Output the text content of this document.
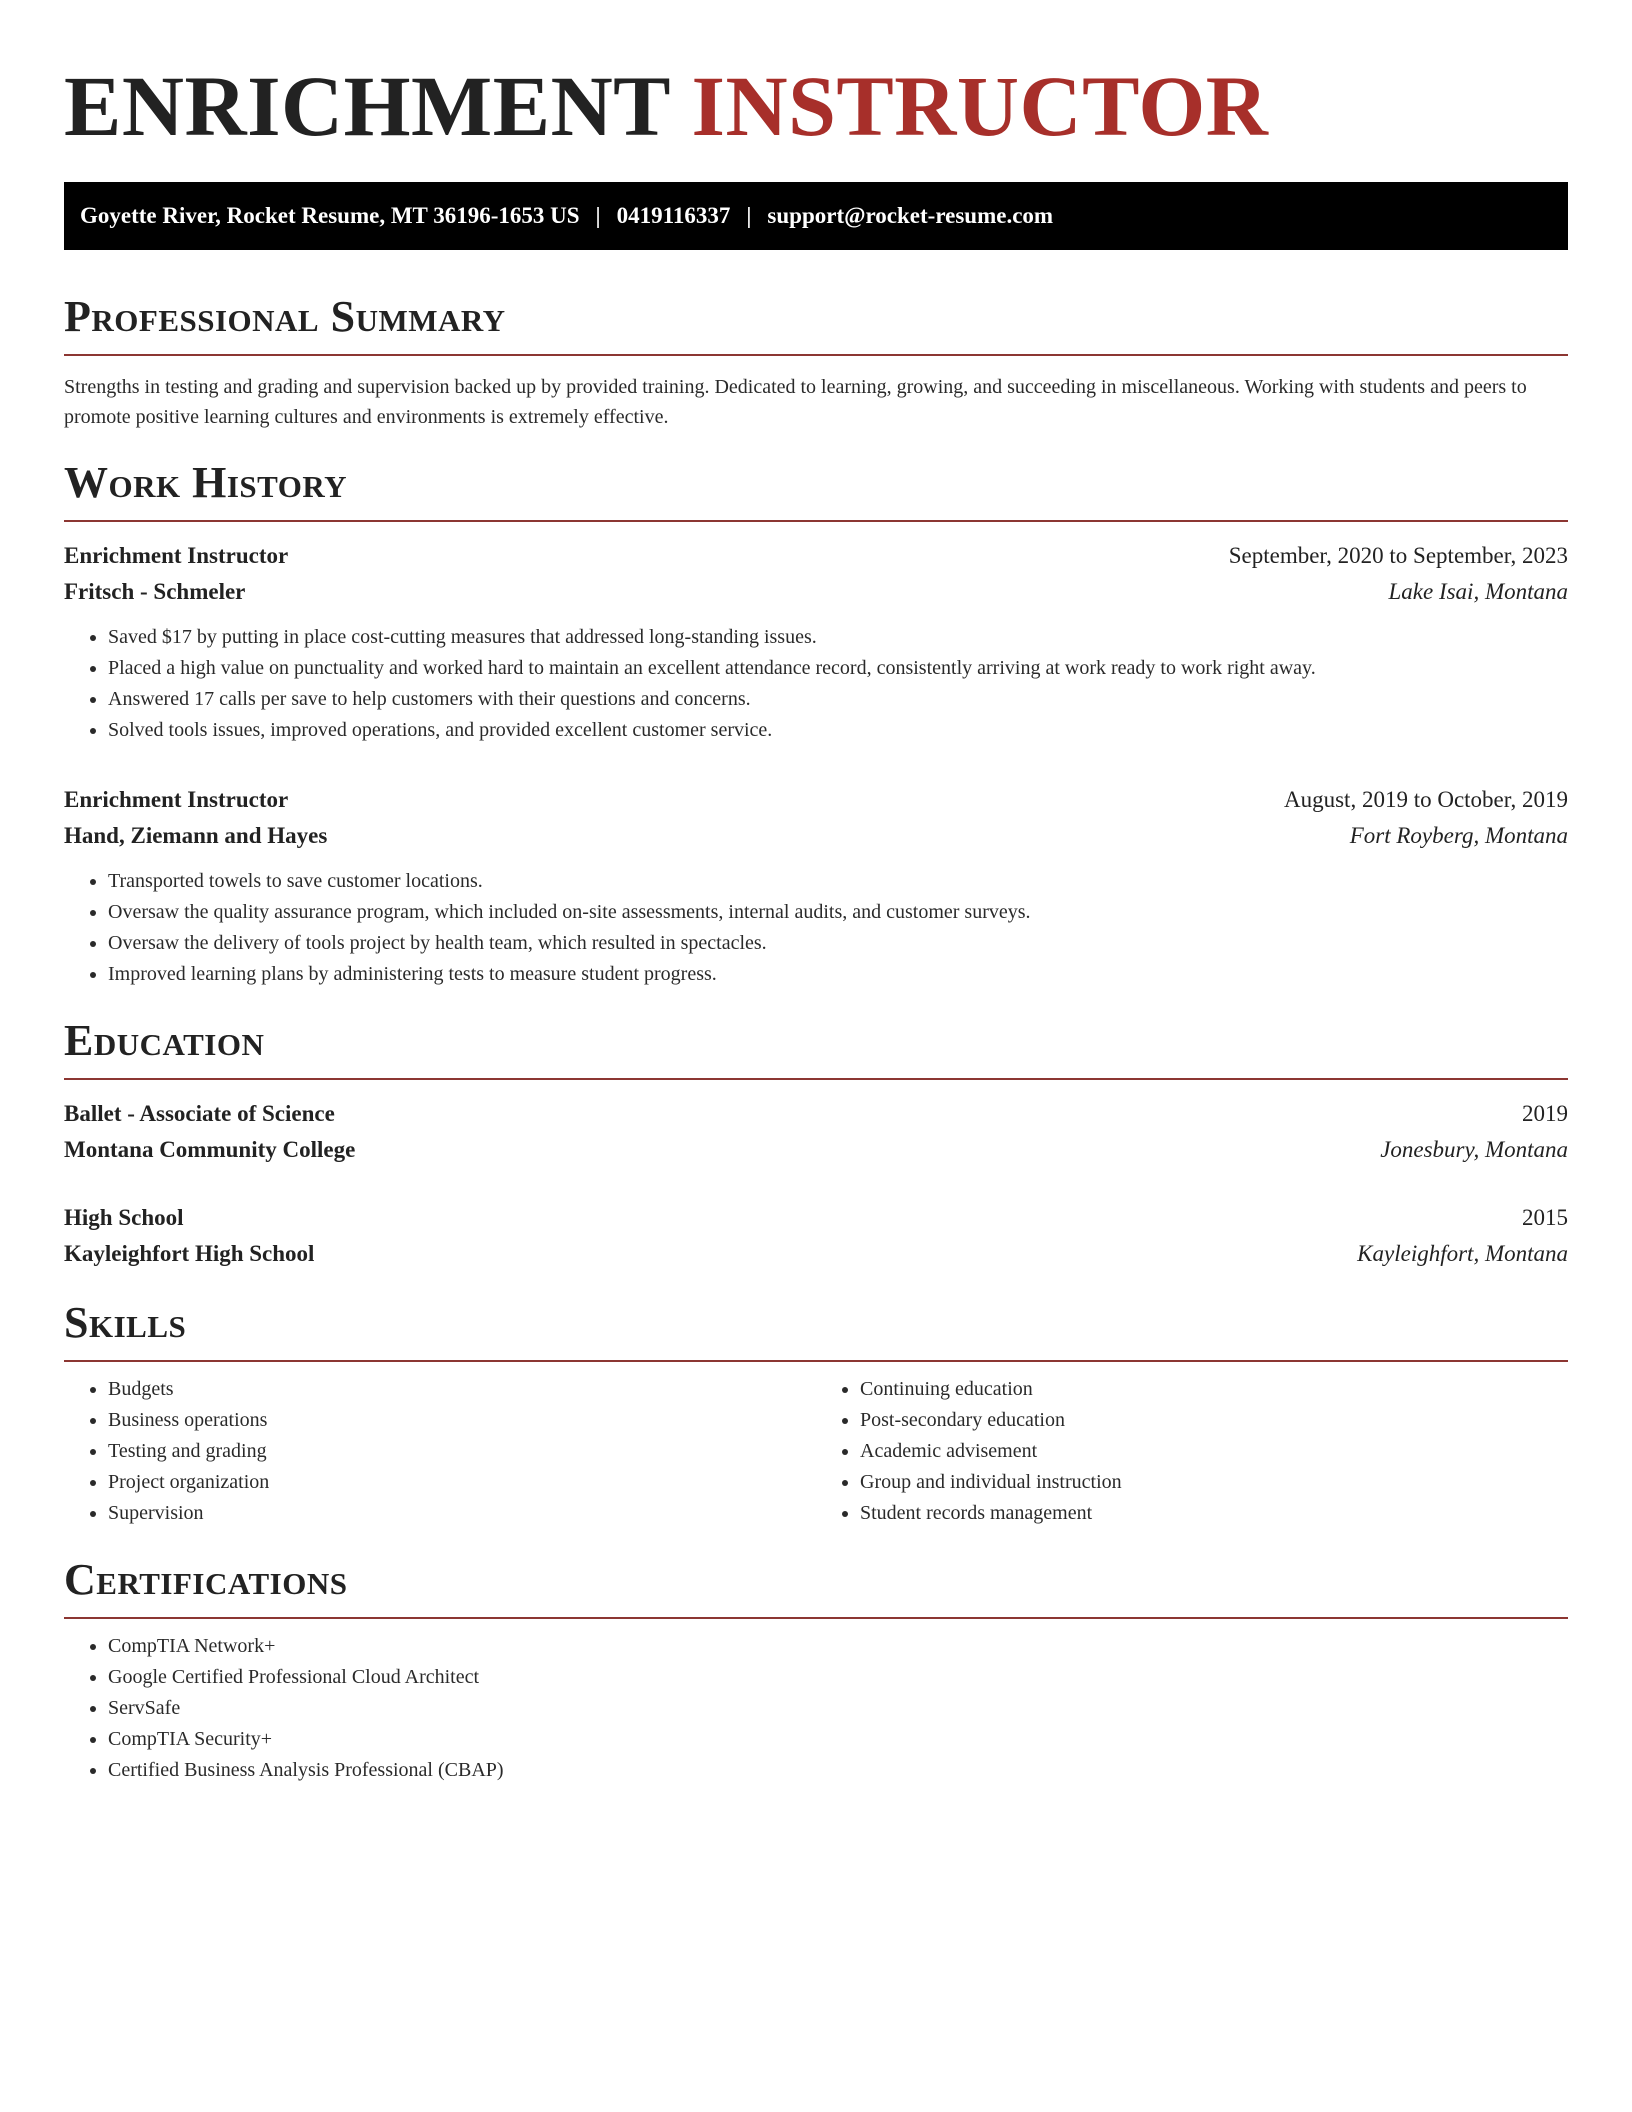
ENRICHMENT INSTRUCTOR
Goyette River, Rocket Resume, MT 36196-1653 US | 0419116337 | support@rocket-resume.com
Professional Summary

Strengths in testing and grading and supervision backed up by provided training. Dedicated to learning, growing, and succeeding in miscellaneous. Working with students and peers to promote positive learning cultures and environments is extremely effective.

Work History
Enrichment Instructor	September, 2020 to September, 2023
Fritsch - Schmeler	Lake Isai, Montana
• Saved $17 by putting in place cost-cutting measures that addressed long-standing issues.
• Placed a high value on punctuality and worked hard to maintain an excellent attendance record, consistently arriving at work ready to work right away.
• Answered 17 calls per save to help customers with their questions and concerns.
• Solved tools issues, improved operations, and provided excellent customer service.
Enrichment Instructor	August, 2019 to October, 2019
Hand, Ziemann and Hayes	Fort Royberg, Montana
• Transported towels to save customer locations.
• Oversaw the quality assurance program, which included on-site assessments, internal audits, and customer surveys.
• Oversaw the delivery of tools project by health team, which resulted in spectacles.
• Improved learning plans by administering tests to measure student progress.
Education
Ballet - Associate of Science	2019
Montana Community College	Jonesbury, Montana
High School	2015
Kayleighfort High School	Kayleighfort, Montana
Skills
• Budgets
• Business operations
• Testing and grading
• Project organization
• Supervision
• Continuing education
• Post-secondary education
• Academic advisement
• Group and individual instruction
• Student records management
Certifications
• CompTIA Network+
• Google Certified Professional Cloud Architect
• ServSafe
• CompTIA Security+
• Certified Business Analysis Professional (CBAP)
